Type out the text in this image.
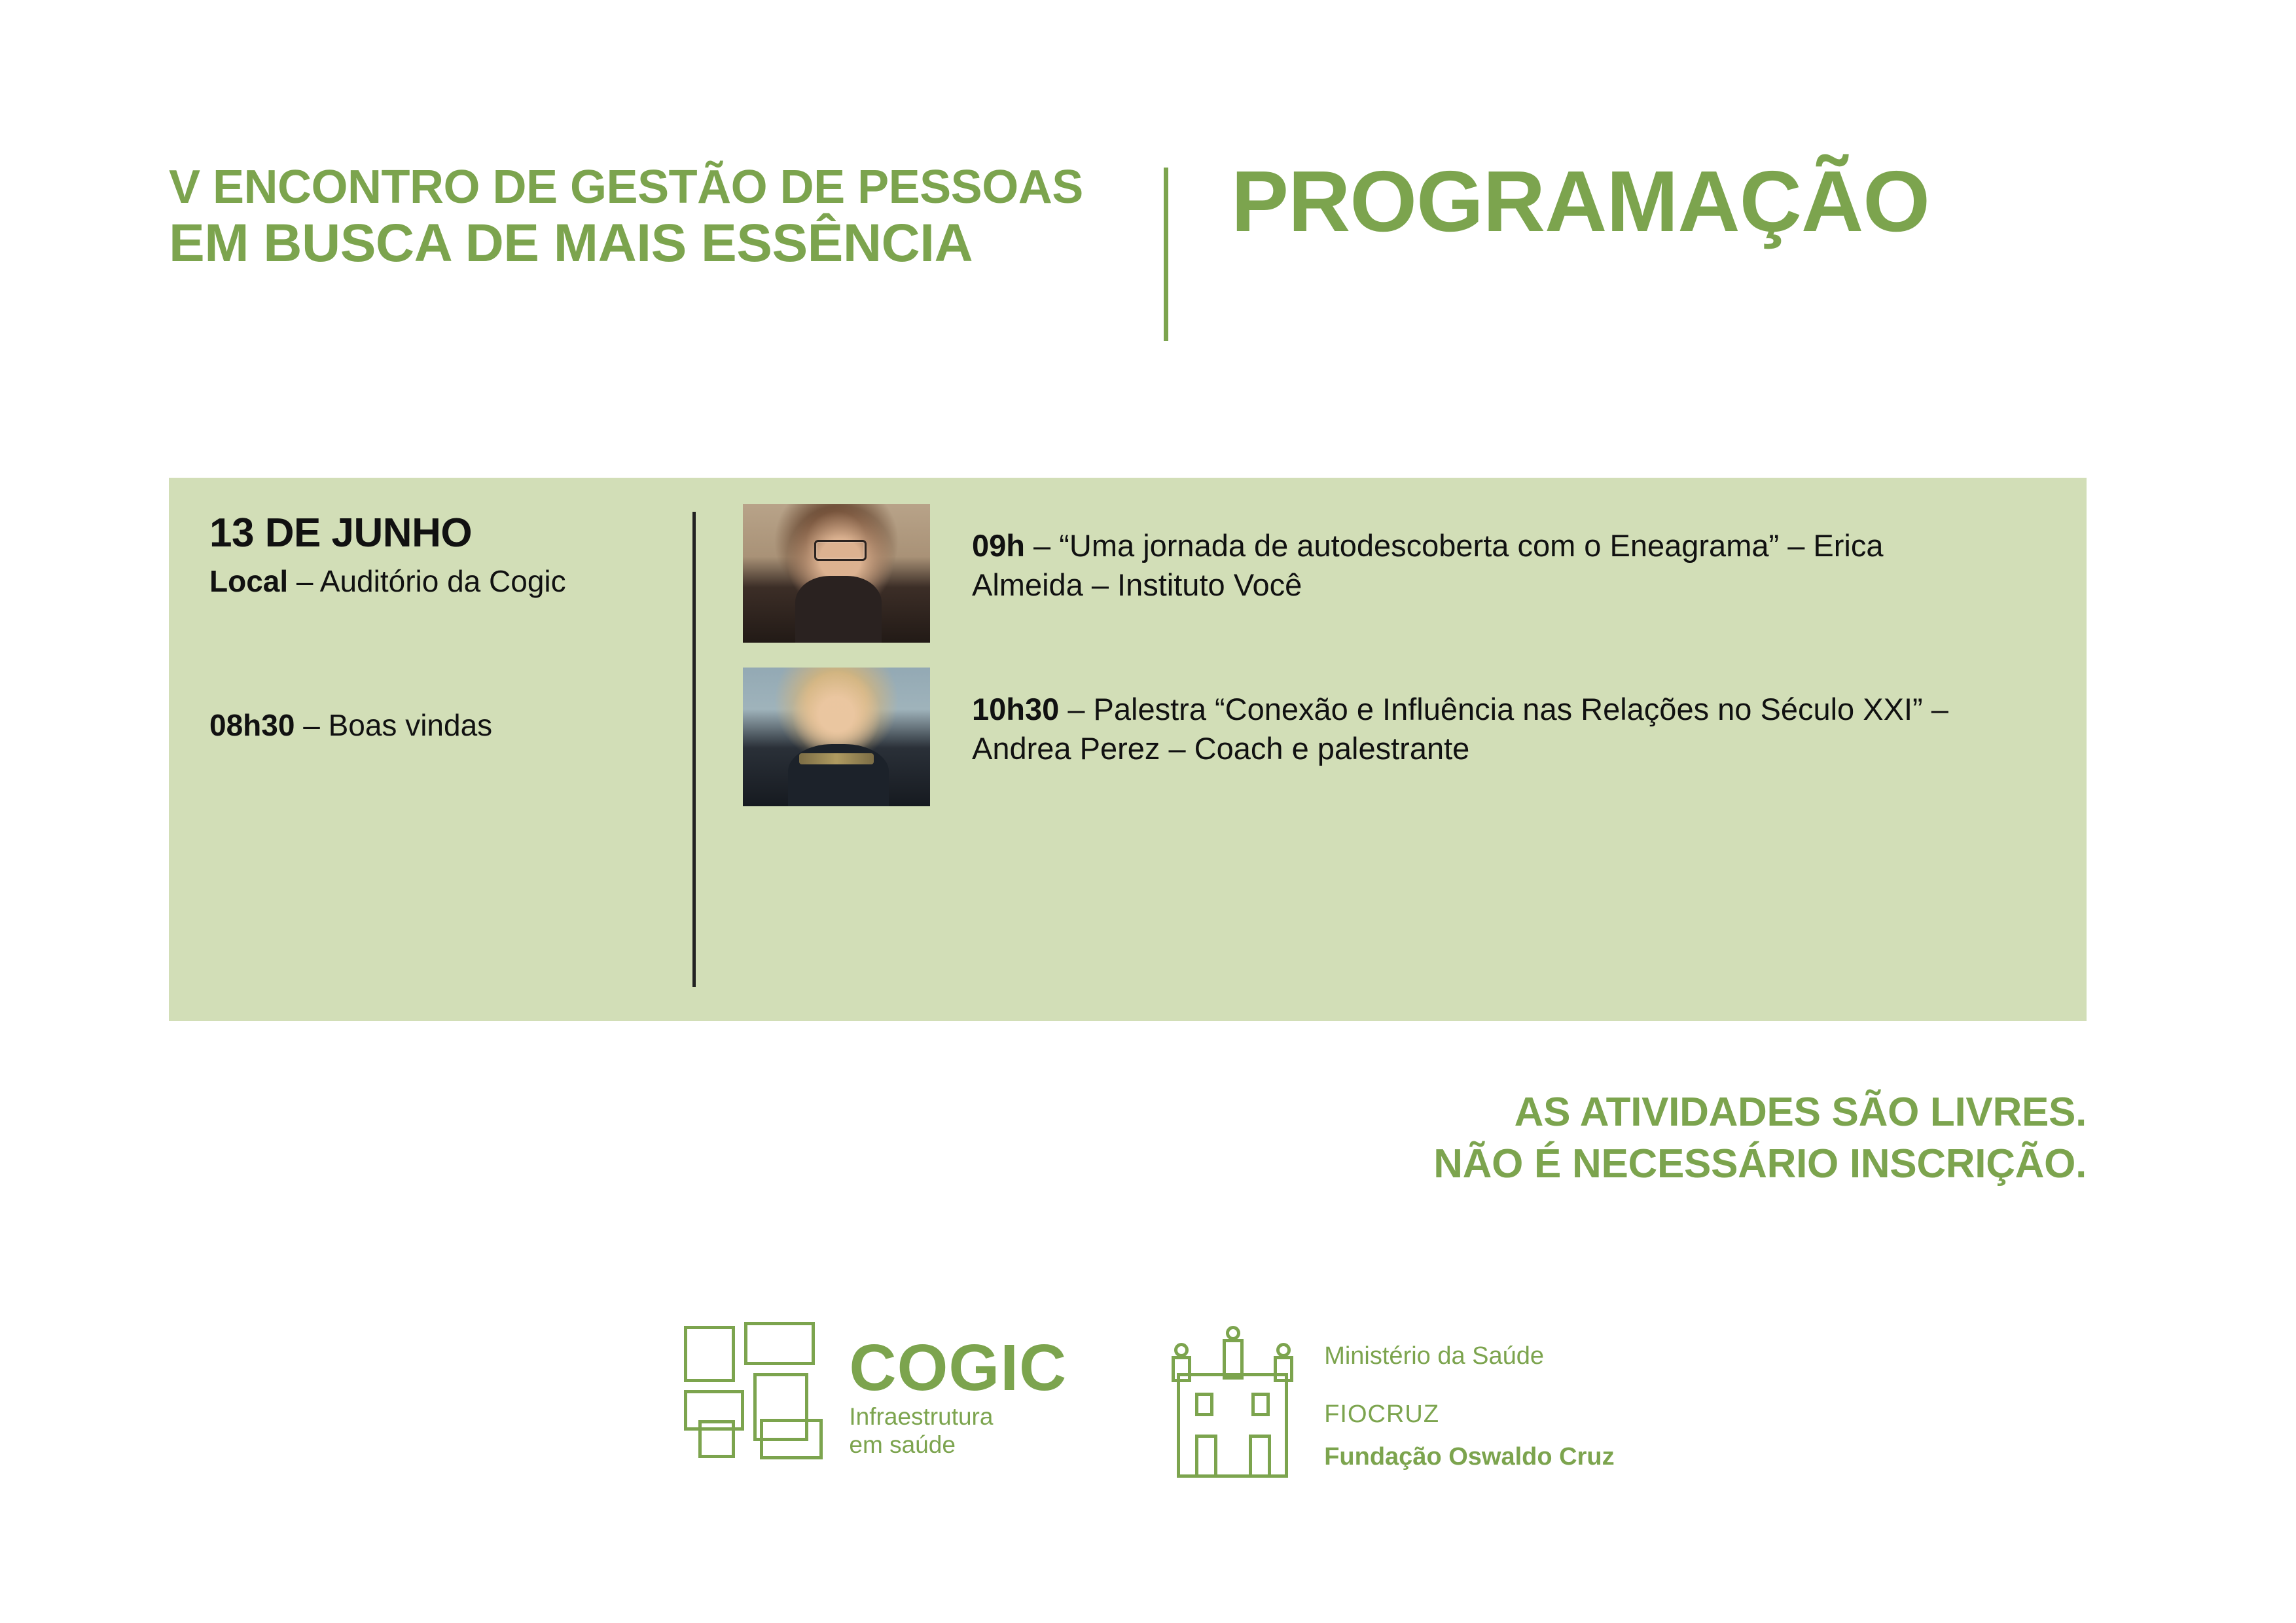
V ENCONTRO DE GESTÃO DE PESSOAS
EM BUSCA DE MAIS ESSÊNCIA	PROGRAMAÇÃO
13 DE JUNHO
Local – Auditório da Cogic
08h30 – Boas vindas
09h – “Uma jornada de autodescoberta com o Eneagrama” – Erica Almeida – Instituto Você
10h30 – Palestra “Conexão e Influência nas Relações no Século XXI” – Andrea Perez – Coach e palestrante
AS ATIVIDADES SÃO LIVRES.
NÃO É NECESSÁRIO INSCRIÇÃO.
COGIC
Infraestrutura
em saúde
Ministério da Saúde
FIOCRUZ
Fundação Oswaldo Cruz
